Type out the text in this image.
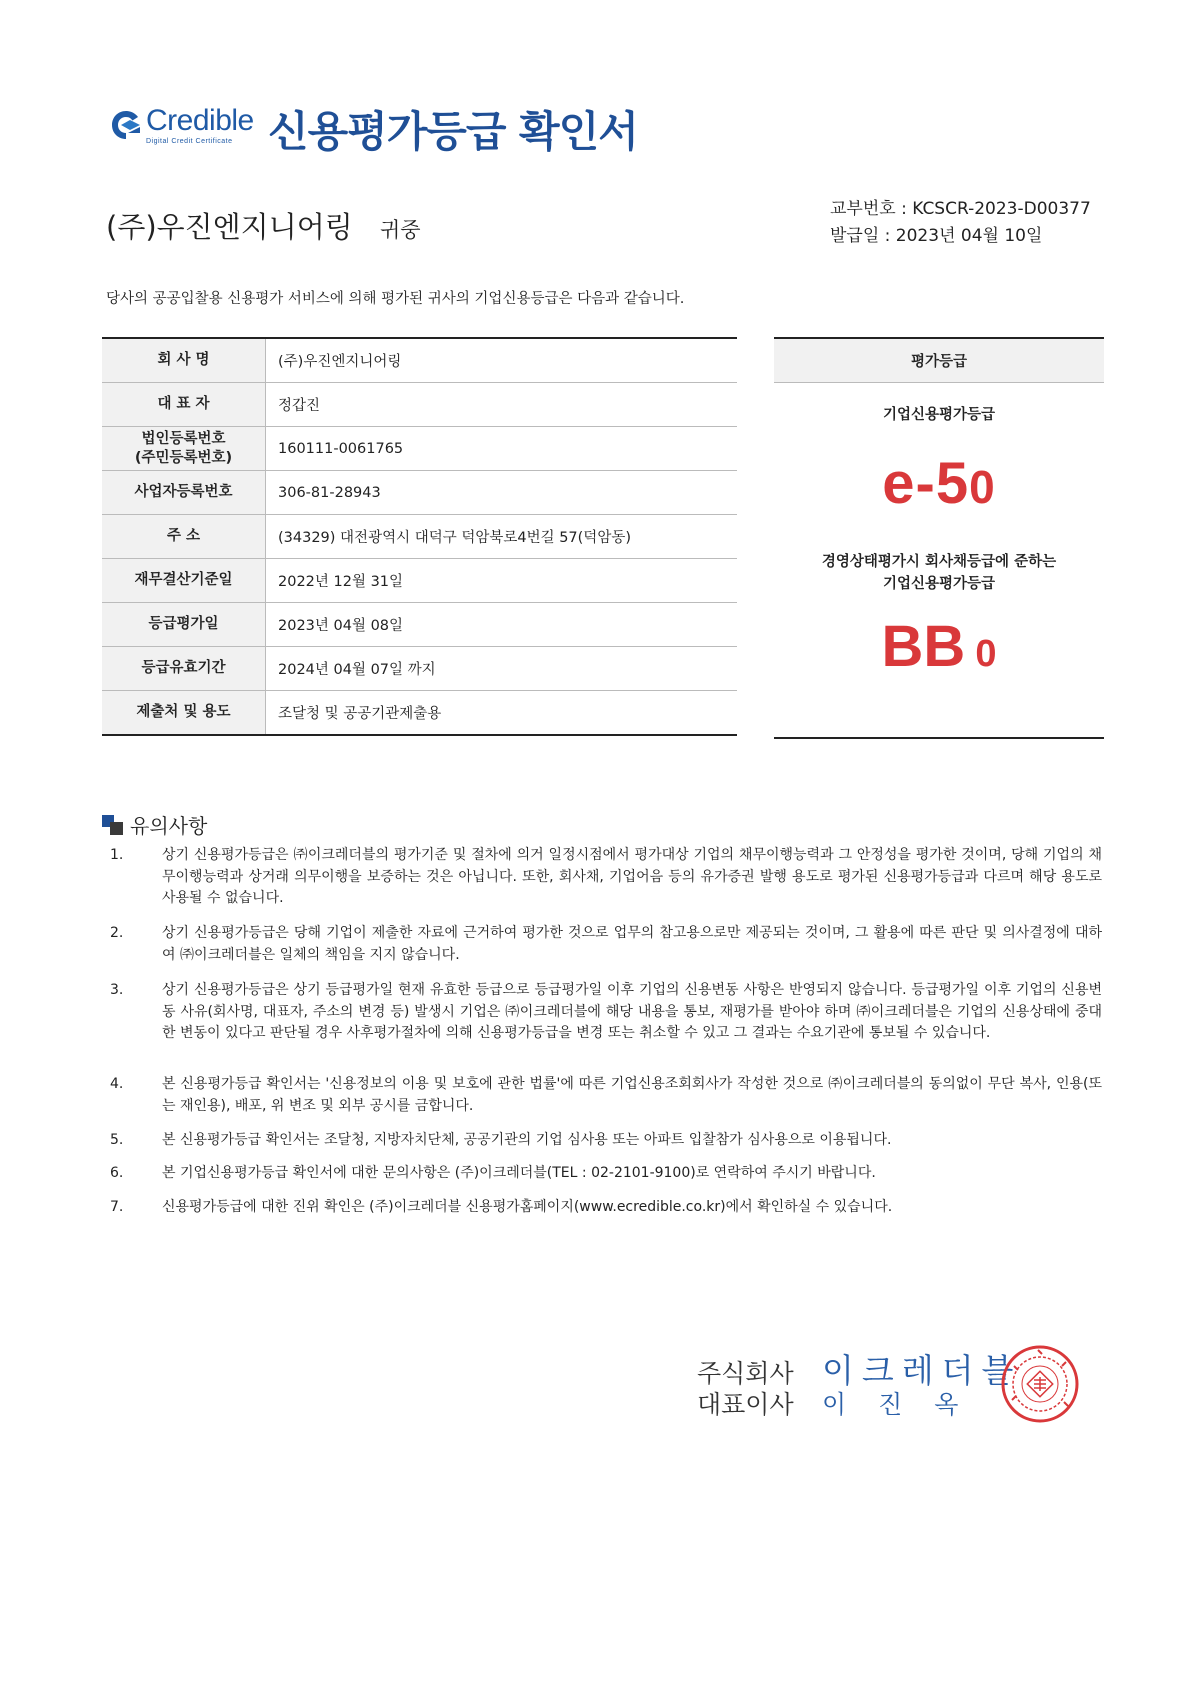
Credible
Digital Credit Certificate 신용평가등급 확인서
(주)우진엔지니어링 귀중
교부번호 : KCSCR-2023-D00377
발급일 : 2023년 04월 10일
당사의 공공입찰용 신용평가 서비스에 의해 평가된 귀사의 기업신용등급은 다음과 같습니다.
회 사 명	(주)우진엔지니어링
대 표 자	정갑진
법인등록번호
(주민등록번호)	160111-0061765
사업자등록번호	306-81-28943
주 소	(34329) 대전광역시 대덕구 덕암북로4번길 57(덕암동)
재무결산기준일	2022년 12월 31일
등급평가일	2023년 04월 08일
등급유효기간	2024년 04월 07일 까지
제출처 및 용도	조달청 및 공공기관제출용
평가등급
기업신용평가등급
e-50
경영상태평가시 회사채등급에 준하는
기업신용평가등급
BB 0
유의사항
1.	상기 신용평가등급은 ㈜이크레더블의 평가기준 및 절차에 의거 일정시점에서 평가대상 기업의 채무이행능력과 그 안정성을 평가한 것이며, 당해 기업의 채무이행능력과 상거래 의무이행을 보증하는 것은 아닙니다. 또한, 회사채, 기업어음 등의 유가증권 발행 용도로 평가된 신용평가등급과 다르며 해당 용도로 사용될 수 없습니다.
2.	상기 신용평가등급은 당해 기업이 제출한 자료에 근거하여 평가한 것으로 업무의 참고용으로만 제공되는 것이며, 그 활용에 따른 판단 및 의사결정에 대하여 ㈜이크레더블은 일체의 책임을 지지 않습니다.
3.	상기 신용평가등급은 상기 등급평가일 현재 유효한 등급으로 등급평가일 이후 기업의 신용변동 사항은 반영되지 않습니다. 등급평가일 이후 기업의 신용변동 사유(회사명, 대표자, 주소의 변경 등) 발생시 기업은 ㈜이크레더블에 해당 내용을 통보, 재평가를 받아야 하며 ㈜이크레더블은 기업의 신용상태에 중대한 변동이 있다고 판단될 경우 사후평가절차에 의해 신용평가등급을 변경 또는 취소할 수 있고 그 결과는 수요기관에 통보될 수 있습니다.
4.	본 신용평가등급 확인서는 '신용정보의 이용 및 보호에 관한 법률'에 따른 기업신용조회회사가 작성한 것으로 ㈜이크레더블의 동의없이 무단 복사, 인용(또는 재인용), 배포, 위 변조 및 외부 공시를 금합니다.
5.	본 신용평가등급 확인서는 조달청, 지방자치단체, 공공기관의 기업 심사용 또는 아파트 입찰참가 심사용으로 이용됩니다.
6.	본 기업신용평가등급 확인서에 대한 문의사항은 (주)이크레더블(TEL : 02-2101-9100)로 연락하여 주시기 바랍니다.
7.	신용평가등급에 대한 진위 확인은 (주)이크레더블 신용평가홈페이지(www.ecredible.co.kr)에서 확인하실 수 있습니다.
주식회사 이크레더블
대표이사	이진옥
